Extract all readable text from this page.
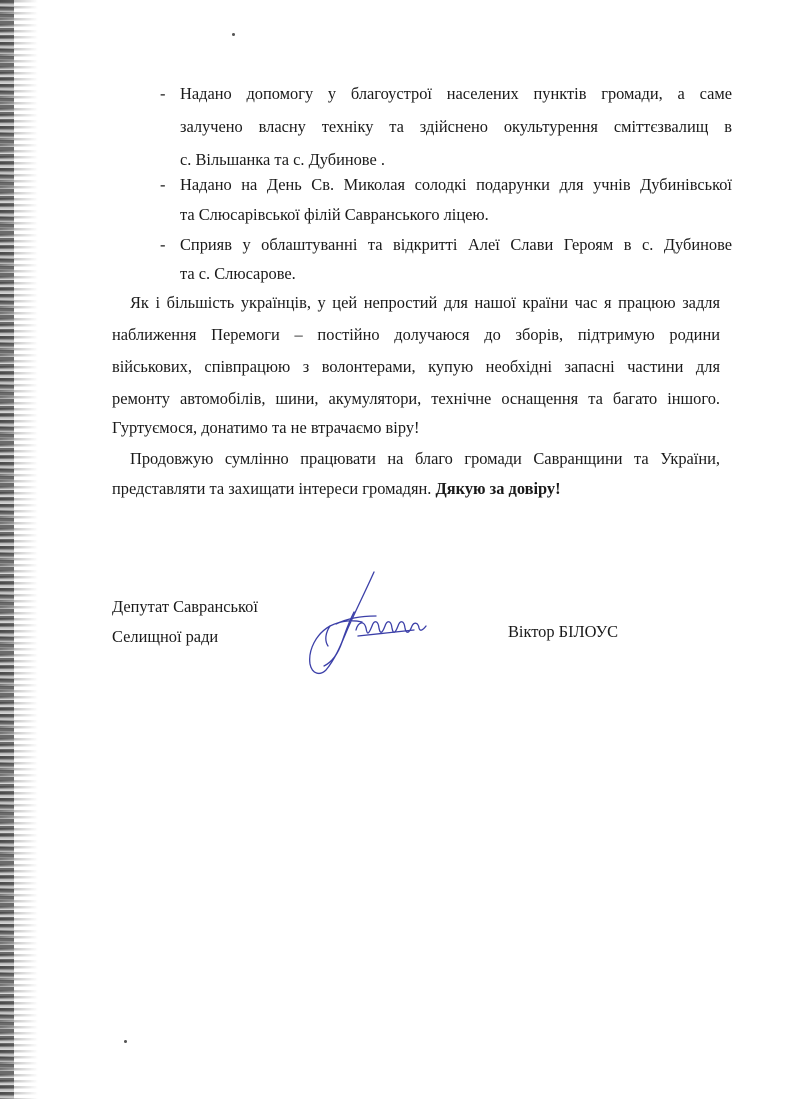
- Надано допомогу у благоустрої населених пунктів громади, а саме
залучено власну техніку та здійснено окультурення сміттєзвалищ в
с. Вільшанка та с. Дубинове .
- Надано на День Св. Миколая солодкі подарунки для учнів Дубинівської
та Слюсарівської філій Савранського ліцею.
- Сприяв у облаштуванні та відкритті Алеї Слави Героям в с. Дубинове
та с. Слюсарове.
Як і більшість українців, у цей непростий для нашої країни час я працюю задля
наближення Перемоги – постійно долучаюся до зборів, підтримую родини
військових, співпрацюю з волонтерами, купую необхідні запасні частини для
ремонту автомобілів, шини, акумулятори, технічне оснащення та багато іншого.
Гуртуємося, донатимо та не втрачаємо віру!
Продовжую сумлінно працювати на благо громади Савранщини та України,
представляти та захищати інтереси громадян. Дякую за довіру!
Депутат Савранської
Селищної ради	Віктор БІЛОУС
